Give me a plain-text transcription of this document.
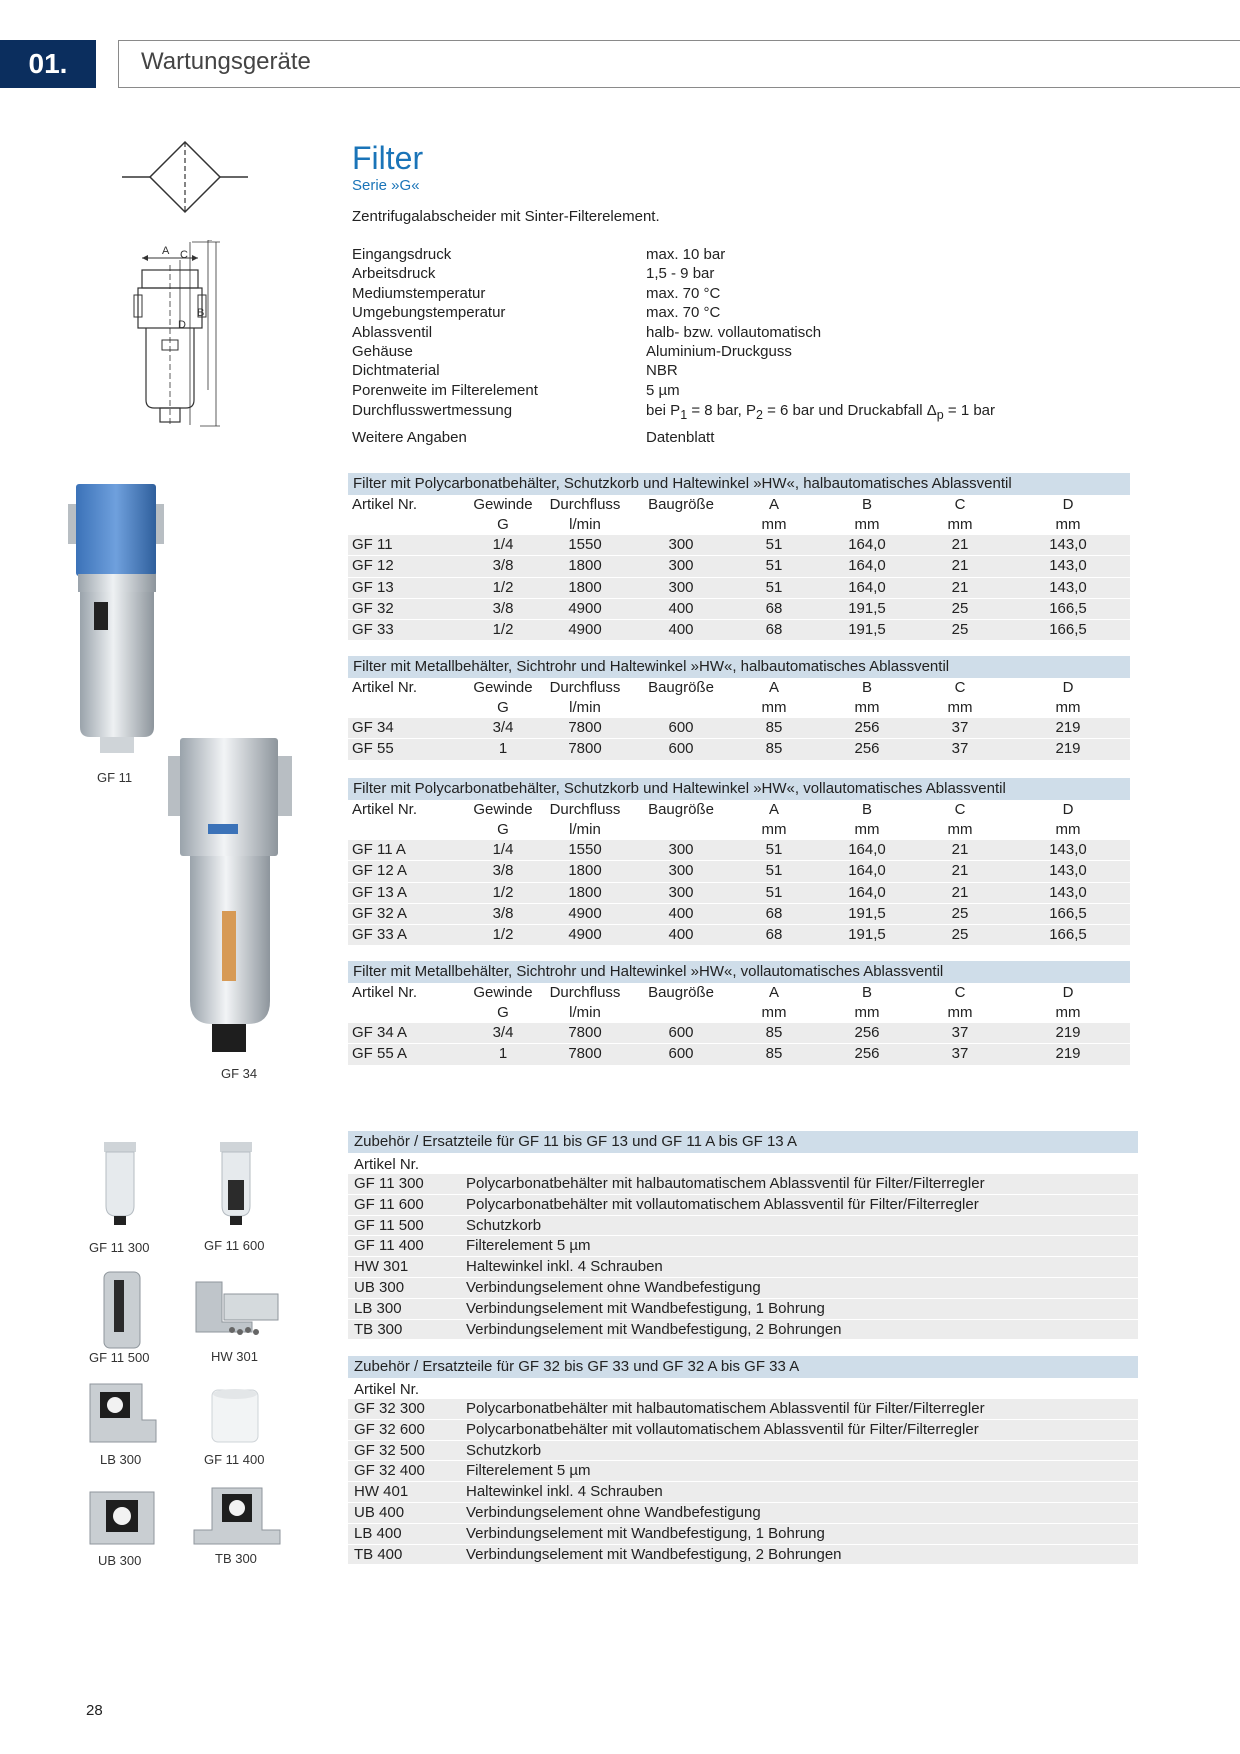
01.	Wartungsgeräte
A C
D
B
Filter
Serie »G«
Zentrifugalabscheider mit Sinter-Filterelement.
Eingangsdruck	max. 10 bar
Arbeitsdruck	1,5 - 9 bar
Mediumstemperatur	max. 70 °C
Umgebungstemperatur	max. 70 °C
Ablassventil	halb- bzw. vollautomatisch
Gehäuse	Aluminium-Druckguss
Dichtmaterial	NBR
Porenweite im Filterelement	5 µm
Durchflusswertmessung	bei $P_1 = 8$ bar, $P_2 = 6$ bar und Druckabfall $\Delta_p = 1$ bar
Weitere Angaben	Datenblatt
GF 11
GF 34
Filter mit Polycarbonatbehälter, Schutzkorb und Haltewinkel »HW«, halbautomatisches Ablassventil
Artikel Nr.	Gewinde	Durchfluss	Baugröße	A	B	C	D
	G	l/min		mm	mm	mm	mm
GF 11	1/4	1550	300	51	164,0	21	143,0
GF 12	3/8	1800	300	51	164,0	21	143,0
GF 13	1/2	1800	300	51	164,0	21	143,0
GF 32	3/8	4900	400	68	191,5	25	166,5
GF 33	1/2	4900	400	68	191,5	25	166,5
Filter mit Metallbehälter, Sichtrohr und Haltewinkel »HW«, halbautomatisches Ablassventil
Artikel Nr.	Gewinde	Durchfluss	Baugröße	A	B	C	D
	G	l/min		mm	mm	mm	mm
GF 34	3/4	7800	600	85	256	37	219
GF 55	1	7800	600	85	256	37	219
Filter mit Polycarbonatbehälter, Schutzkorb und Haltewinkel »HW«, vollautomatisches Ablassventil
Artikel Nr.	Gewinde	Durchfluss	Baugröße	A	B	C	D
	G	l/min		mm	mm	mm	mm
GF 11 A	1/4	1550	300	51	164,0	21	143,0
GF 12 A	3/8	1800	300	51	164,0	21	143,0
GF 13 A	1/2	1800	300	51	164,0	21	143,0
GF 32 A	3/8	4900	400	68	191,5	25	166,5
GF 33 A	1/2	4900	400	68	191,5	25	166,5
Filter mit Metallbehälter, Sichtrohr und Haltewinkel »HW«, vollautomatisches Ablassventil
Artikel Nr.	Gewinde	Durchfluss	Baugröße	A	B	C	D
	G	l/min		mm	mm	mm	mm
GF 34 A	3/4	7800	600	85	256	37	219
GF 55 A	1	7800	600	85	256	37	219
GF 11 300	GF 11 600
GF 11 500	HW 301
LB 300	GF 11 400
UB 300	TB 300
Zubehör / Ersatzteile für GF 11 bis GF 13 und GF 11 A bis GF 13 A
Artikel Nr.
GF 11 300	Polycarbonatbehälter mit halbautomatischem Ablassventil für Filter/Filterregler
GF 11 600	Polycarbonatbehälter mit vollautomatischem Ablassventil für Filter/Filterregler
GF 11 500	Schutzkorb
GF 11 400	Filterelement 5 µm
HW 301	Haltewinkel inkl. 4 Schrauben
UB 300	Verbindungselement ohne Wandbefestigung
LB 300	Verbindungselement mit Wandbefestigung, 1 Bohrung
TB 300	Verbindungselement mit Wandbefestigung, 2 Bohrungen
Zubehör / Ersatzteile für GF 32 bis GF 33 und GF 32 A bis GF 33 A
Artikel Nr.
GF 32 300	Polycarbonatbehälter mit halbautomatischem Ablassventil für Filter/Filterregler
GF 32 600	Polycarbonatbehälter mit vollautomatischem Ablassventil für Filter/Filterregler
GF 32 500	Schutzkorb
GF 32 400	Filterelement 5 µm
HW 401	Haltewinkel inkl. 4 Schrauben
UB 400	Verbindungselement ohne Wandbefestigung
LB 400	Verbindungselement mit Wandbefestigung, 1 Bohrung
TB 400	Verbindungselement mit Wandbefestigung, 2 Bohrungen
28
